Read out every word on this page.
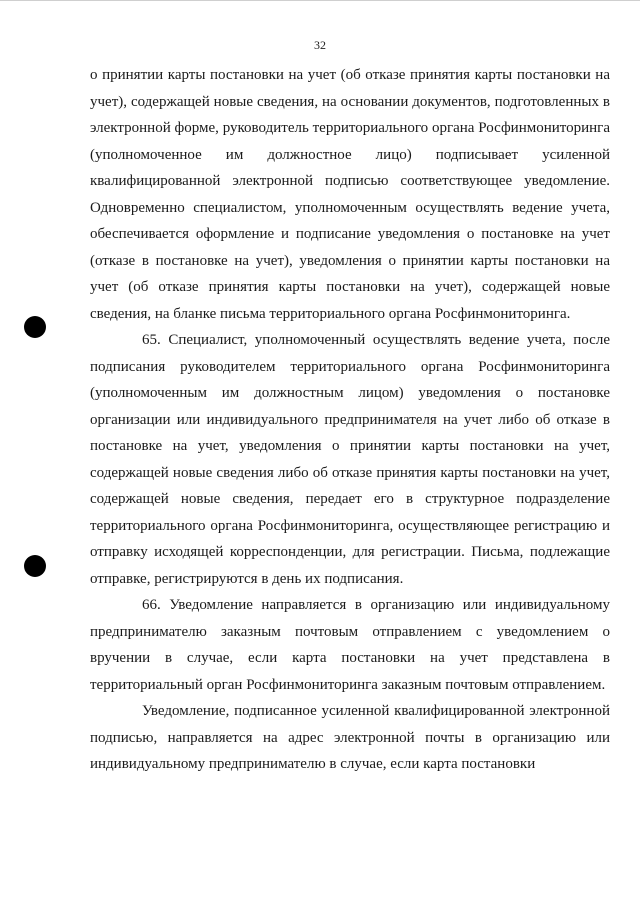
32

о принятии карты постановки на учет (об отказе принятия карты постановки на учет), содержащей новые сведения, на основании документов, подготовленных в электронной форме, руководитель территориального органа Росфинмониторинга (уполномоченное им должностное лицо) подписывает усиленной квалифицированной электронной подписью соответствующее уведомление. Одновременно специалистом, уполномоченным осуществлять ведение учета, обеспечивается оформление и подписание уведомления о постановке на учет (отказе в постановке на учет), уведомления о принятии карты постановки на учет (об отказе принятия карты постановки на учет), содержащей новые сведения, на бланке письма территориального органа Росфинмониторинга.

65. Специалист, уполномоченный осуществлять ведение учета, после подписания руководителем территориального органа Росфинмониторинга (уполномоченным им должностным лицом) уведомления о постановке организации или индивидуального предпринимателя на учет либо об отказе в постановке на учет, уведомления о принятии карты постановки на учет, содержащей новые сведения либо об отказе принятия карты постановки на учет, содержащей новые сведения, передает его в структурное подразделение территориального органа Росфинмониторинга, осуществляющее регистрацию и отправку исходящей корреспонденции, для регистрации. Письма, подлежащие отправке, регистрируются в день их подписания.

66. Уведомление направляется в организацию или индивидуальному предпринимателю заказным почтовым отправлением с уведомлением о вручении в случае, если карта постановки на учет представлена в территориальный орган Росфинмониторинга заказным почтовым отправлением.

Уведомление, подписанное усиленной квалифицированной электронной подписью, направляется на адрес электронной почты в организацию или индивидуальному предпринимателю в случае, если карта постановки
